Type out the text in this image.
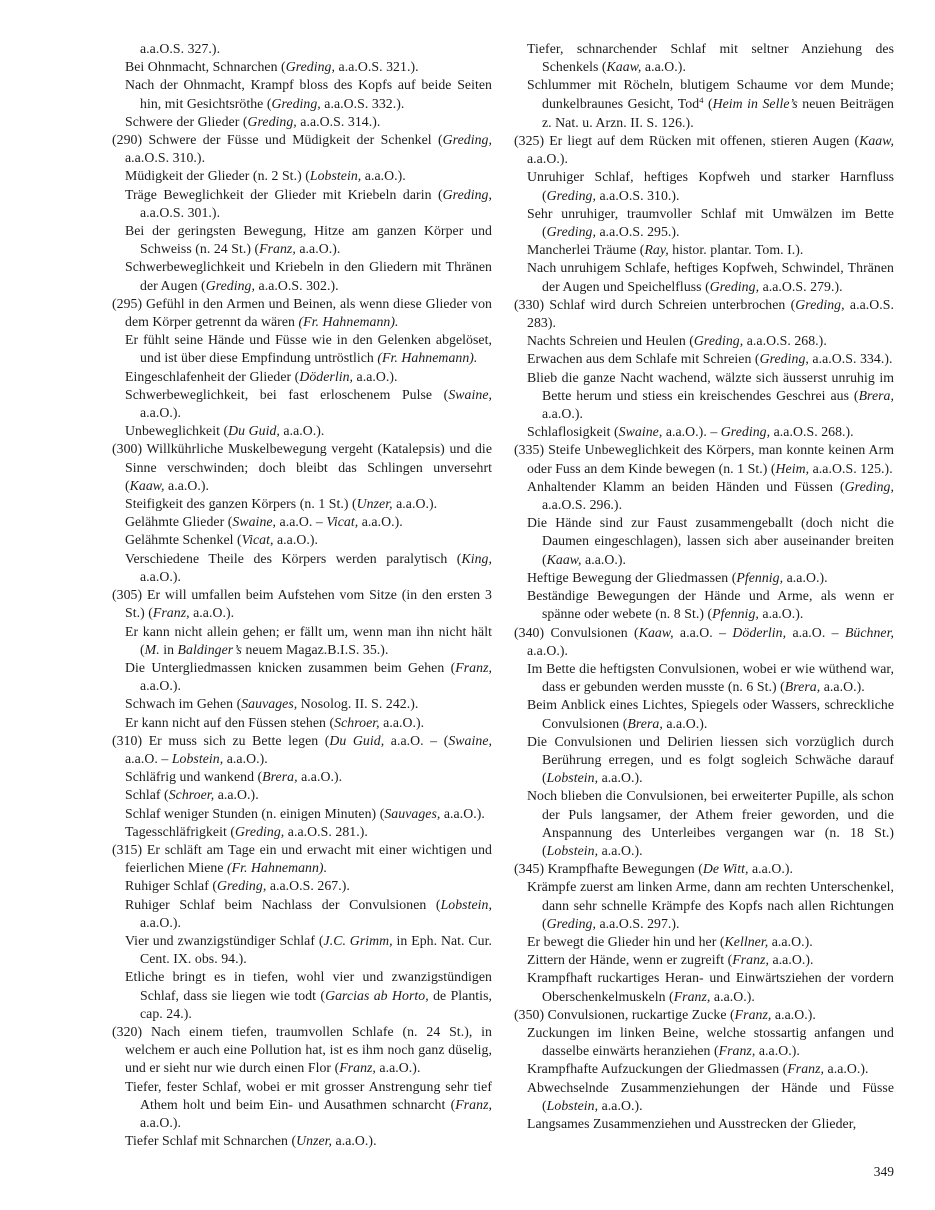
a.a.O.S. 327.).

Bei Ohnmacht, Schnarchen (Greding, a.a.O.S. 321.).

Nach der Ohnmacht, Krampf bloss des Kopfs auf beide Seiten hin, mit Gesichtsröthe (Greding, a.a.O.S. 332.).

Schwere der Glieder (Greding, a.a.O.S. 314.).

(290) Schwere der Füsse und Müdigkeit der Schenkel (Greding, a.a.O.S. 310.).

Müdigkeit der Glieder (n. 2 St.) (Lobstein, a.a.O.).

Träge Beweglichkeit der Glieder mit Kriebeln darin (Greding, a.a.O.S. 301.).

Bei der geringsten Bewegung, Hitze am ganzen Körper und Schweiss (n. 24 St.) (Franz, a.a.O.).

Schwerbeweglichkeit und Kriebeln in den Gliedern mit Thränen der Augen (Greding, a.a.O.S. 302.).

(295) Gefühl in den Armen und Beinen, als wenn diese Glieder von dem Körper getrennt da wären (Fr. Hahnemann).

Er fühlt seine Hände und Füsse wie in den Gelenken abgelöset, und ist über diese Empfindung untröstlich (Fr. Hahnemann).

Eingeschlafenheit der Glieder (Döderlin, a.a.O.).

Schwerbeweglichkeit, bei fast erloschenem Pulse (Swaine, a.a.O.).

Unbeweglichkeit (Du Guid, a.a.O.).

(300) Willkührliche Muskelbewegung vergeht (Katalepsis) und die Sinne verschwinden; doch bleibt das Schlingen unversehrt (Kaaw, a.a.O.).

Steifigkeit des ganzen Körpers (n. 1 St.) (Unzer, a.a.O.).

Gelähmte Glieder (Swaine, a.a.O. – Vicat, a.a.O.).

Gelähmte Schenkel (Vicat, a.a.O.).

Verschiedene Theile des Körpers werden paralytisch (King, a.a.O.).

(305) Er will umfallen beim Aufstehen vom Sitze (in den ersten 3 St.) (Franz, a.a.O.).

Er kann nicht allein gehen; er fällt um, wenn man ihn nicht hält (M. in Baldinger’s neuem Magaz.B.I.S. 35.).

Die Untergliedmassen knicken zusammen beim Gehen (Franz, a.a.O.).

Schwach im Gehen (Sauvages, Nosolog. II. S. 242.).

Er kann nicht auf den Füssen stehen (Schroer, a.a.O.).

(310) Er muss sich zu Bette legen (Du Guid, a.a.O. – (Swaine, a.a.O. – Lobstein, a.a.O.).

Schläfrig und wankend (Brera, a.a.O.).

Schlaf (Schroer, a.a.O.).

Schlaf weniger Stunden (n. einigen Minuten) (Sauvages, a.a.O.).

Tagesschläfrigkeit (Greding, a.a.O.S. 281.).

(315) Er schläft am Tage ein und erwacht mit einer wichtigen und feierlichen Miene (Fr. Hahnemann).

Ruhiger Schlaf (Greding, a.a.O.S. 267.).

Ruhiger Schlaf beim Nachlass der Convulsionen (Lobstein, a.a.O.).

Vier und zwanzigstündiger Schlaf (J.C. Grimm, in Eph. Nat. Cur. Cent. IX. obs. 94.).

Etliche bringt es in tiefen, wohl vier und zwanzigstündigen Schlaf, dass sie liegen wie todt (Garcias ab Horto, de Plantis, cap. 24.).

(320) Nach einem tiefen, traumvollen Schlafe (n. 24 St.), in welchem er auch eine Pollution hat, ist es ihm noch ganz düselig, und er sieht nur wie durch einen Flor (Franz, a.a.O.).

Tiefer, fester Schlaf, wobei er mit grosser Anstrengung sehr tief Athem holt und beim Ein- und Ausathmen schnarcht (Franz, a.a.O.).

Tiefer Schlaf mit Schnarchen (Unzer, a.a.O.).

Tiefer, schnarchender Schlaf mit seltner Anziehung des Schenkels (Kaaw, a.a.O.).

Schlummer mit Röcheln, blutigem Schaume vor dem Munde; dunkelbraunes Gesicht, Tod$^4$ (Heim in Selle’s neuen Beiträgen z. Nat. u. Arzn. II. S. 126.).

(325) Er liegt auf dem Rücken mit offenen, stieren Augen (Kaaw, a.a.O.).

Unruhiger Schlaf, heftiges Kopfweh und starker Harnfluss (Greding, a.a.O.S. 310.).

Sehr unruhiger, traumvoller Schlaf mit Umwälzen im Bette (Greding, a.a.O.S. 295.).

Mancherlei Träume (Ray, histor. plantar. Tom. I.).

Nach unruhigem Schlafe, heftiges Kopfweh, Schwindel, Thränen der Augen und Speichelfluss (Greding, a.a.O.S. 279.).

(330) Schlaf wird durch Schreien unterbrochen (Greding, a.a.O.S. 283).

Nachts Schreien und Heulen (Greding, a.a.O.S. 268.).

Erwachen aus dem Schlafe mit Schreien (Greding, a.a.O.S. 334.).

Blieb die ganze Nacht wachend, wälzte sich äusserst unruhig im Bette herum und stiess ein kreischendes Geschrei aus (Brera, a.a.O.).

Schlaflosigkeit (Swaine, a.a.O.). – Greding, a.a.O.S. 268.).

(335) Steife Unbeweglichkeit des Körpers, man konnte keinen Arm oder Fuss an dem Kinde bewegen (n. 1 St.) (Heim, a.a.O.S. 125.).

Anhaltender Klamm an beiden Händen und Füssen (Greding, a.a.O.S. 296.).

Die Hände sind zur Faust zusammengeballt (doch nicht die Daumen eingeschlagen), lassen sich aber auseinander breiten (Kaaw, a.a.O.).

Heftige Bewegung der Gliedmassen (Pfennig, a.a.O.).

Beständige Bewegungen der Hände und Arme, als wenn er spänne oder webete (n. 8 St.) (Pfennig, a.a.O.).

(340) Convulsionen (Kaaw, a.a.O. – Döderlin, a.a.O. – Büchner, a.a.O.).

Im Bette die heftigsten Convulsionen, wobei er wie wüthend war, dass er gebunden werden musste (n. 6 St.) (Brera, a.a.O.).

Beim Anblick eines Lichtes, Spiegels oder Wassers, schreckliche Convulsionen (Brera, a.a.O.).

Die Convulsionen und Delirien liessen sich vorzüglich durch Berührung erregen, und es folgt sogleich Schwäche darauf (Lobstein, a.a.O.).

Noch blieben die Convulsionen, bei erweiterter Pupille, als schon der Puls langsamer, der Athem freier geworden, und die Anspannung des Unterleibes vergangen war (n. 18 St.) (Lobstein, a.a.O.).

(345) Krampfhafte Bewegungen (De Witt, a.a.O.).

Krämpfe zuerst am linken Arme, dann am rechten Unterschenkel, dann sehr schnelle Krämpfe des Kopfs nach allen Richtungen (Greding, a.a.O.S. 297.).

Er bewegt die Glieder hin und her (Kellner, a.a.O.).

Zittern der Hände, wenn er zugreift (Franz, a.a.O.).

Krampfhaft ruckartiges Heran- und Einwärtsziehen der vordern Oberschenkelmuskeln (Franz, a.a.O.).

(350) Convulsionen, ruckartige Zucke (Franz, a.a.O.).

Zuckungen im linken Beine, welche stossartig anfangen und dasselbe einwärts heranziehen (Franz, a.a.O.).

Krampfhafte Aufzuckungen der Gliedmassen (Franz, a.a.O.).

Abwechselnde Zusammenziehungen der Hände und Füsse (Lobstein, a.a.O.).

Langsames Zusammenziehen und Ausstrecken der Glieder,

349
